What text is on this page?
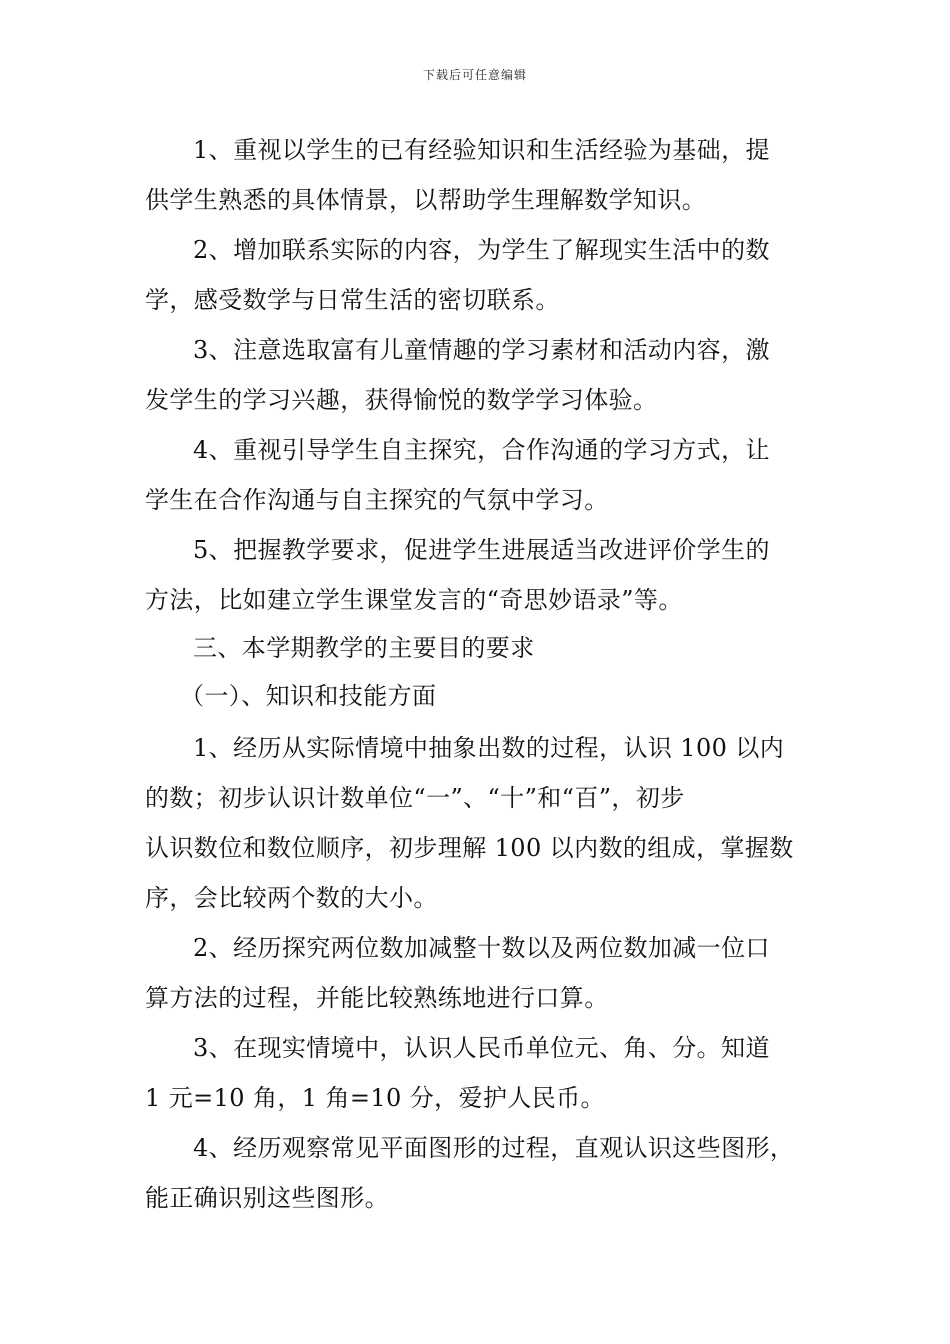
下载后可任意编辑
1、重视以学生的已有经验知识和生活经验为基础，提
供学生熟悉的具体情景，以帮助学生理解数学知识。
2、增加联系实际的内容，为学生了解现实生活中的数
学，感受数学与日常生活的密切联系。
3、注意选取富有儿童情趣的学习素材和活动内容，激
发学生的学习兴趣，获得愉悦的数学学习体验。
4、重视引导学生自主探究，合作沟通的学习方式，让
学生在合作沟通与自主探究的气氛中学习。
5、把握教学要求，促进学生进展适当改进评价学生的
方法，比如建立学生课堂发言的“奇思妙语录”等。
三、本学期教学的主要目的要求
（一）、知识和技能方面
1、经历从实际情境中抽象出数的过程，认识 100 以内
的数；初步认识计数单位“一”、“十”和“百”，初步
认识数位和数位顺序，初步理解 100 以内数的组成，掌握数
序，会比较两个数的大小。
2、经历探究两位数加减整十数以及两位数加减一位口
算方法的过程，并能比较熟练地进行口算。
3、在现实情境中，认识人民币单位元、角、分。知道
1 元=10 角，1 角=10 分，爱护人民币。
4、经历观察常见平面图形的过程，直观认识这些图形，
能正确识别这些图形。
